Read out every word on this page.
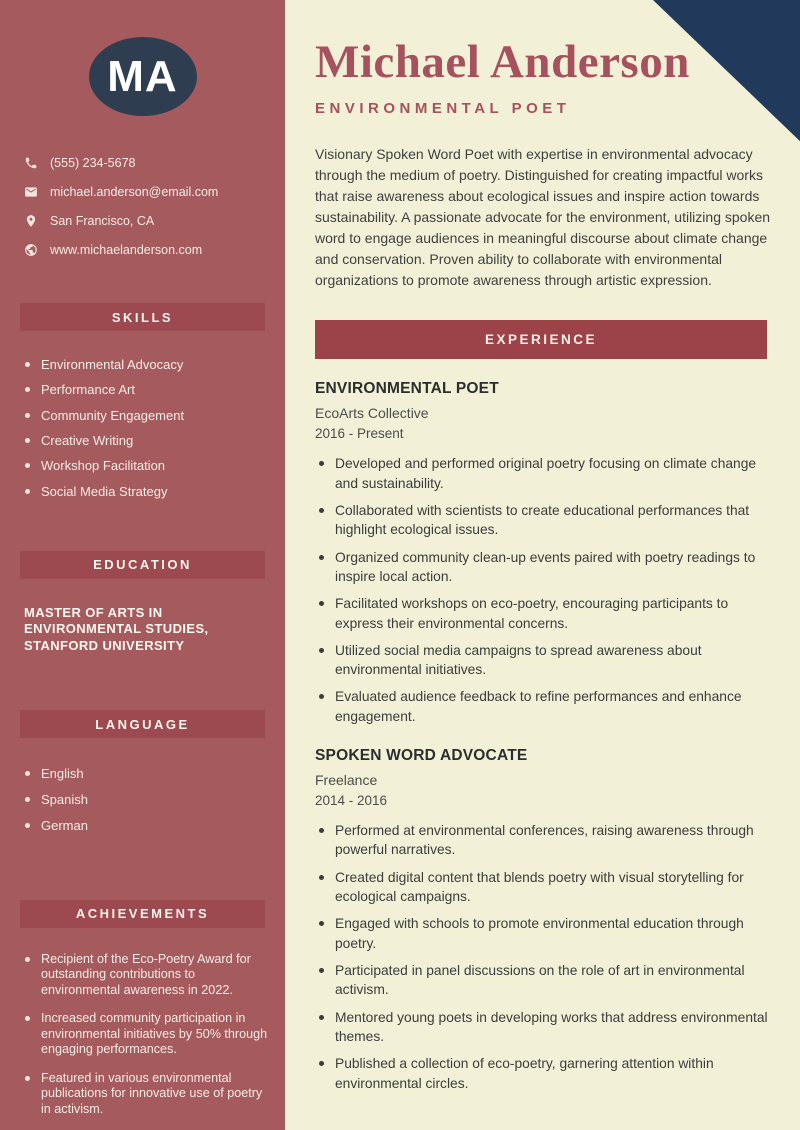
MA
(555) 234-5678
michael.anderson@email.com
San Francisco, CA
www.michaelanderson.com
SKILLS
Environmental Advocacy
Performance Art
Community Engagement
Creative Writing
Workshop Facilitation
Social Media Strategy
EDUCATION

MASTER OF ARTS IN ENVIRONMENTAL STUDIES, STANFORD UNIVERSITY

LANGUAGE
English
Spanish
German
ACHIEVEMENTS
Recipient of the Eco-Poetry Award for outstanding contributions to environmental awareness in 2022.
Increased community participation in environmental initiatives by 50% through engaging performances.
Featured in various environmental publications for innovative use of poetry in activism.
Michael Anderson
ENVIRONMENTAL POET

Visionary Spoken Word Poet with expertise in environmental advocacy through the medium of poetry. Distinguished for creating impactful works that raise awareness about ecological issues and inspire action towards sustainability. A passionate advocate for the environment, utilizing spoken word to engage audiences in meaningful discourse about climate change and conservation. Proven ability to collaborate with environmental organizations to promote awareness through artistic expression.

EXPERIENCE
ENVIRONMENTAL POET
EcoArts Collective
2016 - Present
Developed and performed original poetry focusing on climate change and sustainability.
Collaborated with scientists to create educational performances that highlight ecological issues.
Organized community clean-up events paired with poetry readings to inspire local action.
Facilitated workshops on eco-poetry, encouraging participants to express their environmental concerns.
Utilized social media campaigns to spread awareness about environmental initiatives.
Evaluated audience feedback to refine performances and enhance engagement.
SPOKEN WORD ADVOCATE
Freelance
2014 - 2016
Performed at environmental conferences, raising awareness through powerful narratives.
Created digital content that blends poetry with visual storytelling for ecological campaigns.
Engaged with schools to promote environmental education through poetry.
Participated in panel discussions on the role of art in environmental activism.
Mentored young poets in developing works that address environmental themes.
Published a collection of eco-poetry, garnering attention within environmental circles.
